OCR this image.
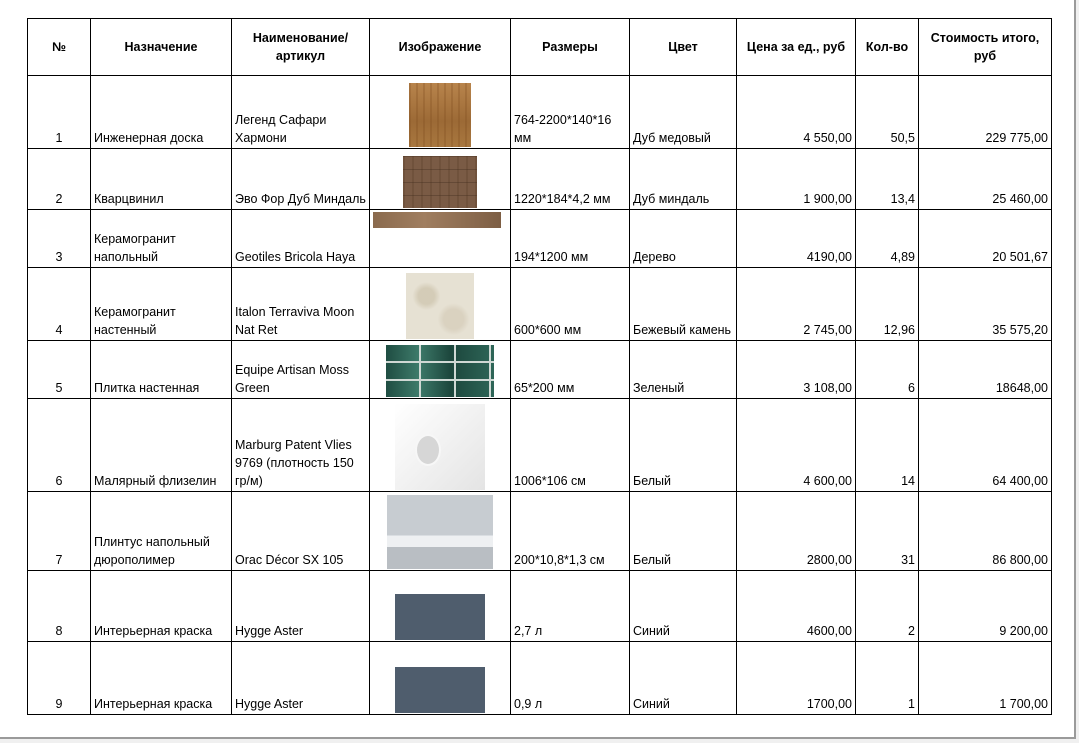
№	Назначение	Наименование/ артикул	Изображение	Размеры	Цвет	Цена за ед., руб	Кол-во	Стоимость итого, руб
1	Инженерная доска	Легенд Сафари Хармони		764-2200*140*16 мм	Дуб медовый	4 550,00	50,5	229 775,00
2	Кварцвинил	Эво Фор Дуб Миндаль		1220*184*4,2 мм	Дуб миндаль	1 900,00	13,4	25 460,00
3	Керамогранит напольный	Geotiles Bricola Haya		194*1200 мм	Дерево	4190,00	4,89	20 501,67
4	Керамогранит настенный	Italon Terraviva Moon Nat Ret		600*600 мм	Бежевый камень	2 745,00	12,96	35 575,20
5	Плитка настенная	Equipe Artisan Moss Green		65*200 мм	Зеленый	3 108,00	6	18648,00
6	Малярный флизелин	Marburg Patent Vlies 9769 (плотность 150 гр/м)		1006*106 см	Белый	4 600,00	14	64 400,00
7	Плинтус напольный дюрополимер	Orac Décor SX 105		200*10,8*1,3 см	Белый	2800,00	31	86 800,00
8	Интерьерная краска	Hygge Aster		2,7 л	Синий	4600,00	2	9 200,00
9	Интерьерная краска	Hygge Aster		0,9 л	Синий	1700,00	1	1 700,00
